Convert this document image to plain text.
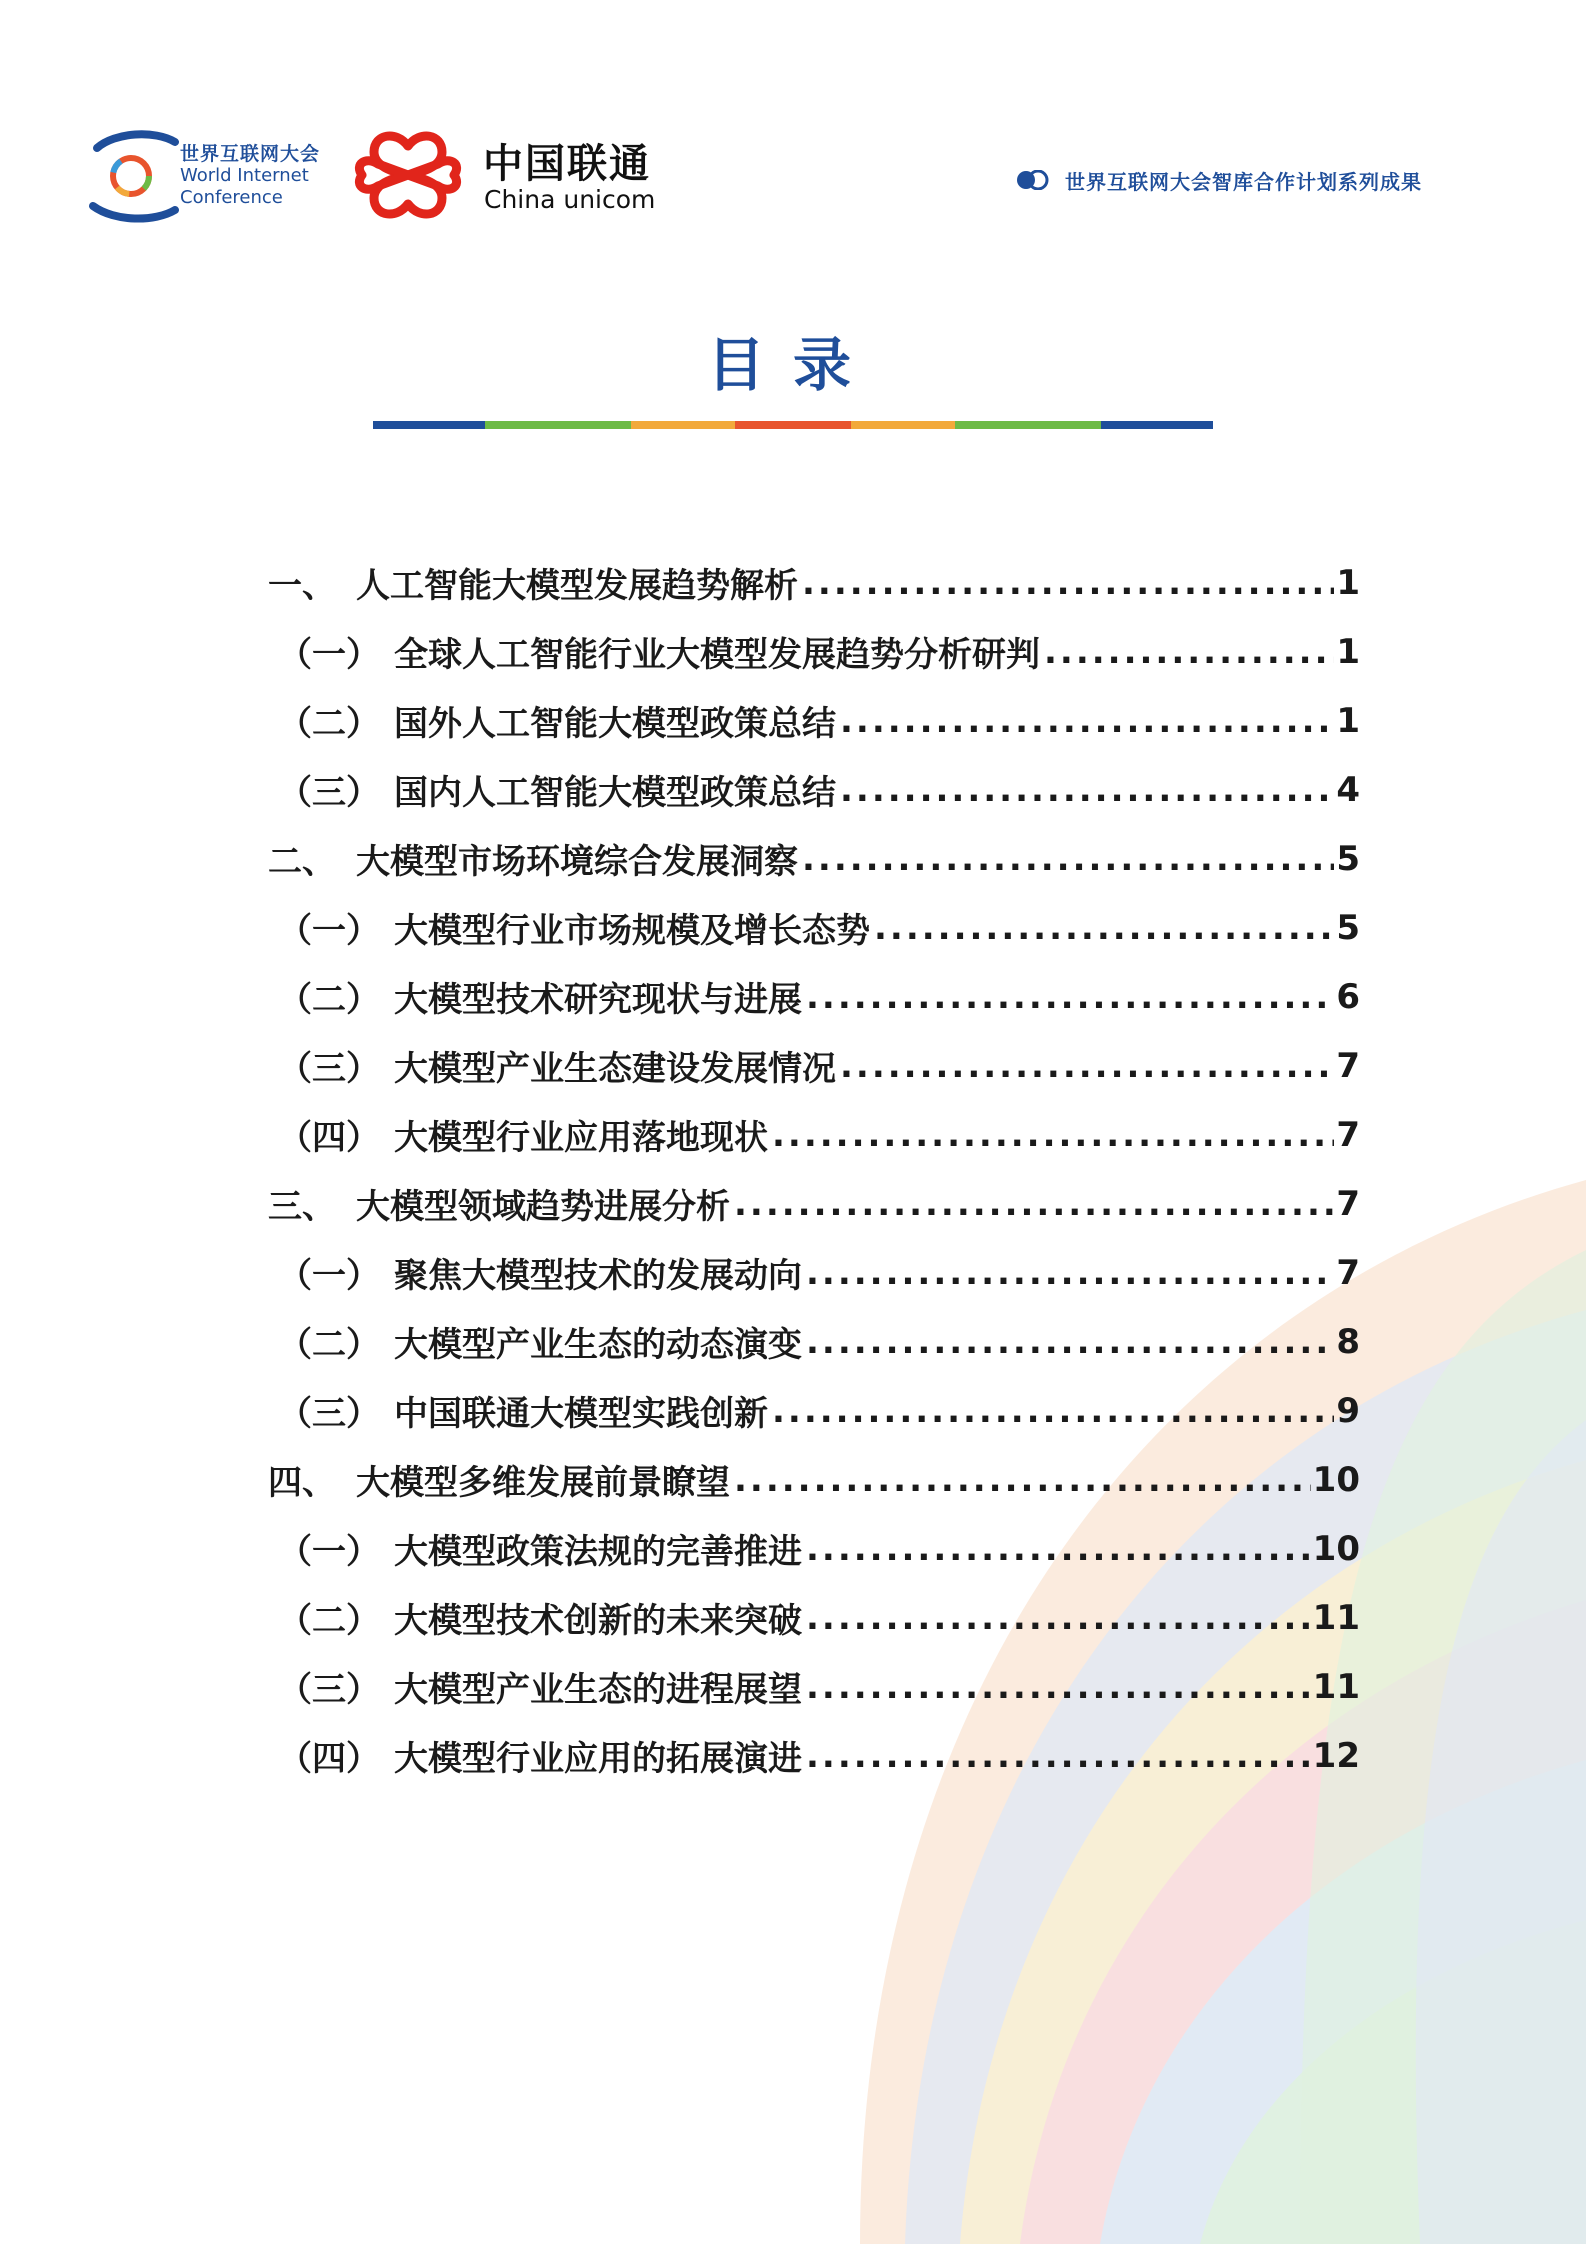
世界互联网大会
World Internet
Conference
中国联通
China unicom
世界互联网大会智库合作计划系列成果
目录
一、 人工智能大模型发展趋势解析 .....	1
（一） 全球人工智能行业大模型发展趋势分析研判 .....	1
（二） 国外人工智能大模型政策总结 .....	1
（三） 国内人工智能大模型政策总结 .....	4
二、 大模型市场环境综合发展洞察 .....	5
（一） 大模型行业市场规模及增长态势 .....	5
（二） 大模型技术研究现状与进展 .....	6
（三） 大模型产业生态建设发展情况 .....	7
（四） 大模型行业应用落地现状 .....	7
三、 大模型领域趋势进展分析 .....	7
（一） 聚焦大模型技术的发展动向 .....	7
（二） 大模型产业生态的动态演变 .....	8
（三） 中国联通大模型实践创新 .....	9
四、 大模型多维发展前景瞭望 .....	10
（一） 大模型政策法规的完善推进 .....	10
（二） 大模型技术创新的未来突破 .....	11
（三） 大模型产业生态的进程展望 .....	11
（四） 大模型行业应用的拓展演进 .....	12
